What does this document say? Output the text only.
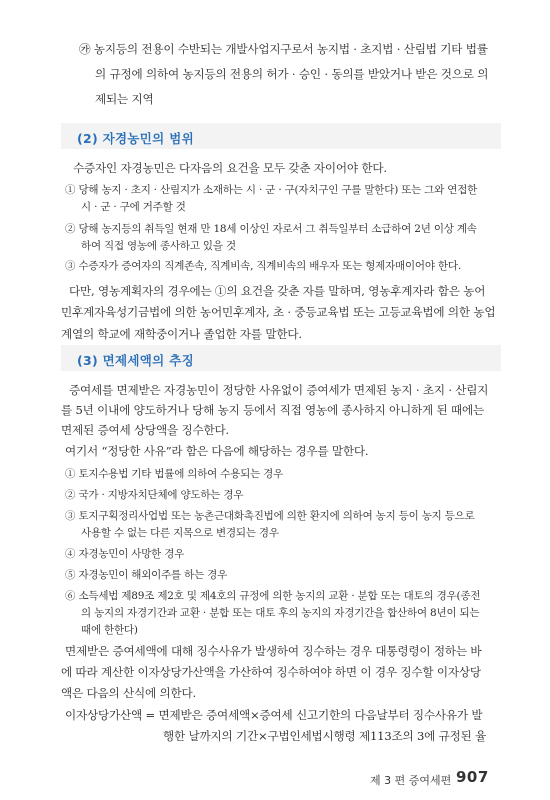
㉮ 농지등의 전용이 수반되는 개발사업지구로서 농지법 · 초지법 · 산림법 기타 법률
의 규정에 의하여 농지등의 전용의 허가 · 승인 · 동의를 받았거나 받은 것으로 의
제되는 지역
(2) 자경농민의 범위
수증자인 자경농민은 다자음의 요건을 모두 갖춘 자이어야 한다.
① 당해 농지 · 초지 · 산림지가 소재하는 시 · 군 · 구(자치구인 구를 말한다) 또는 그와 연접한
시 · 군 · 구에 거주할 것
② 당해 농지등의 취득일 현재 만 18세 이상인 자로서 그 취득일부터 소급하여 2년 이상 계속
하여 직접 영농에 종사하고 있을 것
③ 수증자가 증여자의 직계존속, 직계비속, 직계비속의 배우자 또는 형제자매이어야 한다.
다만, 영농계획자의 경우에는 ①의 요건을 갖춘 자를 말하며, 영농후계자라 함은 농어
민후계자육성기금법에 의한 농어민후계자, 초 · 중등교육법 또는 고등교육법에 의한 농업
계열의 학교에 재학중이거나 졸업한 자를 말한다.
(3) 면제세액의 추징
증여세를 면제받은 자경농민이 정당한 사유없이 증여세가 면제된 농지 · 초지 · 산림지
를 5년 이내에 양도하거나 당해 농지 등에서 직접 영농에 종사하지 아니하게 된 때에는
면제된 증여세 상당액을 징수한다.
여기서 “정당한 사유”라 함은 다음에 해당하는 경우를 말한다.
① 토지수용법 기타 법률에 의하여 수용되는 경우
② 국가 · 지방자치단체에 양도하는 경우
③ 토지구획정리사업법 또는 농촌근대화촉진법에 의한 환지에 의하여 농지 등이 농지 등으로
사용할 수 없는 다른 지목으로 변경되는 경우
④ 자경농민이 사망한 경우
⑤ 자경농민이 해외이주를 하는 경우
⑥ 소득세법 제89조 제2호 및 제4호의 규정에 의한 농지의 교환 · 분합 또는 대토의 경우(종전
의 농지의 자경기간과 교환 · 분합 또는 대토 후의 농지의 자경기간을 합산하여 8년이 되는
때에 한한다)
면제받은 증여세액에 대해 징수사유가 발생하여 징수하는 경우 대통령령이 정하는 바
에 따라 계산한 이자상당가산액을 가산하여 징수하여야 하면 이 경우 징수할 이자상당
액은 다음의 산식에 의한다.
이자상당가산액 = 면제받은 증여세액×증여세 신고기한의 다음날부터 징수사유가 발
행한 날까지의 기간×구법인세법시행령 제113조의 3에 규정된 율
제 3 편 증여세편 907
